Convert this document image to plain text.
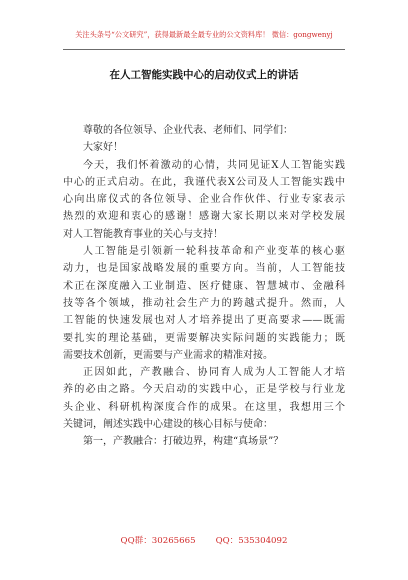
关注头条号“公文研究”，获得最新最全最专业的公文资料库！ 微信：gongwenyj
在人工智能实践中心的启动仪式上的讲话
尊敬的各位领导、企业代表、老师们、同学们：
大家好！
今天，我们怀着激动的心情，共同见证X人工智能实践
中心的正式启动。在此，我谨代表X公司及人工智能实践中
心向出席仪式的各位领导、企业合作伙伴、行业专家表示
热烈的欢迎和衷心的感谢！感谢大家长期以来对学校发展
对人工智能教育事业的关心与支持！
人工智能是引领新一轮科技革命和产业变革的核心驱
动力，也是国家战略发展的重要方向。当前，人工智能技
术正在深度融入工业制造、医疗健康、智慧城市、金融科
技等各个领域，推动社会生产力的跨越式提升。然而，人
工智能的快速发展也对人才培养提出了更高要求——既需
要扎实的理论基础，更需要解决实际问题的实践能力；既
需要技术创新，更需要与产业需求的精准对接。
正因如此，产教融合、协同育人成为人工智能人才培
养的必由之路。今天启动的实践中心，正是学校与行业龙
头企业、科研机构深度合作的成果。在这里，我想用三个
关键词，阐述实践中心建设的核心目标与使命：
第一，产教融合：打破边界，构建“真场景”？
QQ群：30265665 QQ：535304092
